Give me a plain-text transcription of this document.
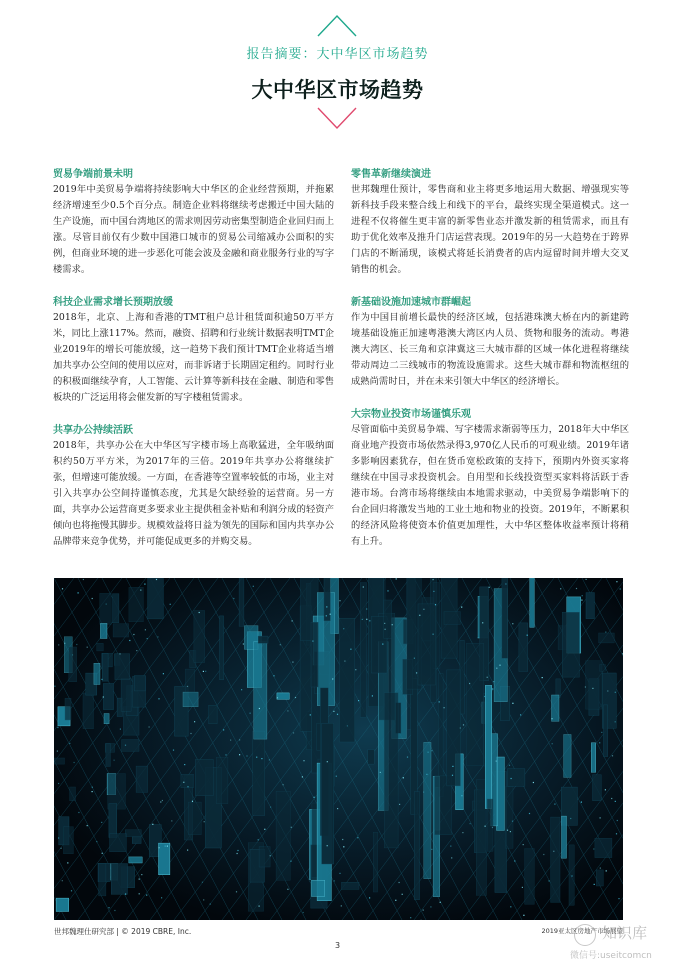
报告摘要：大中华区市场趋势
大中华区市场趋势
贸易争端前景未明

2019年中美贸易争端将持续影响大中华区的企业经营预期，并拖累经济增速至少0.5个百分点。制造企业料将继续考虑搬迁中国大陆的生产设施，而中国台湾地区的需求则因劳动密集型制造企业回归而上涨。尽管目前仅有少数中国港口城市的贸易公司缩减办公面积的实例，但商业环境的进一步恶化可能会波及金融和商业服务行业的写字楼需求。

科技企业需求增长预期放缓

2018年，北京、上海和香港的TMT租户总计租赁面积逾50万平方米，同比上涨117%。然而，融资、招聘和行业统计数据表明TMT企业2019年的增长可能放缓，这一趋势下我们预计TMT企业将适当增加共享办公空间的使用以应对，而非诉诸于长期固定租约。同时行业的积极面继续孕育，人工智能、云计算等新科技在金融、制造和零售板块的广泛运用将会催发新的写字楼租赁需求。

共享办公持续活跃

2018年，共享办公在大中华区写字楼市场上高歌猛进，全年吸纳面积约50万平方米，为2017年的三倍。2019年共享办公将继续扩张，但增速可能放缓。一方面，在香港等空置率较低的市场，业主对引入共享办公空间持谨慎态度，尤其是欠缺经验的运营商。另一方面，共享办公运营商更多要求业主提供租金补贴和利润分成的轻资产倾向也将拖慢其脚步。规模效益将日益为领先的国际和国内共享办公品牌带来竞争优势，并可能促成更多的并购交易。

零售革新继续演进

世邦魏理仕预计，零售商和业主将更多地运用大数据、增强现实等新科技手段来整合线上和线下的平台，最终实现全渠道模式。这一进程不仅将催生更丰富的新零售业态并激发新的租赁需求，而且有助于优化效率及推升门店运营表现。2019年的另一大趋势在于跨界门店的不断涌现，该模式将延长消费者的店内逗留时间并增大交叉销售的机会。

新基础设施加速城市群崛起

作为中国目前增长最快的经济区域，包括港珠澳大桥在内的新建跨境基础设施正加速粤港澳大湾区内人员、货物和服务的流动。粤港澳大湾区、长三角和京津冀这三大城市群的区域一体化进程将继续带动周边二三线城市的物流设施需求。这些大城市群和物流枢纽的成熟尚需时日，并在未来引领大中华区的经济增长。

大宗物业投资市场谨慎乐观

尽管面临中美贸易争端、写字楼需求渐弱等压力，2018年大中华区商业地产投资市场依然录得3,970亿人民币的可观业绩。2019年诸多影响因素犹存，但在货币宽松政策的支持下，预期内外资买家将继续在中国寻求投资机会。自用型和长线投资型买家料将活跃于香港市场。台湾市场将继续由本地需求驱动，中美贸易争端影响下的台企回归将激发当地的工业土地和物业的投资。2019年，不断累积的经济风险将使资本价值更加理性，大中华区整体收益率预计将稍有上升。

世邦魏理仕研究部 | © 2019 CBRE, Inc.	2019亚太区房地产市场展望
3
知识库
微信号:useitcomcn
